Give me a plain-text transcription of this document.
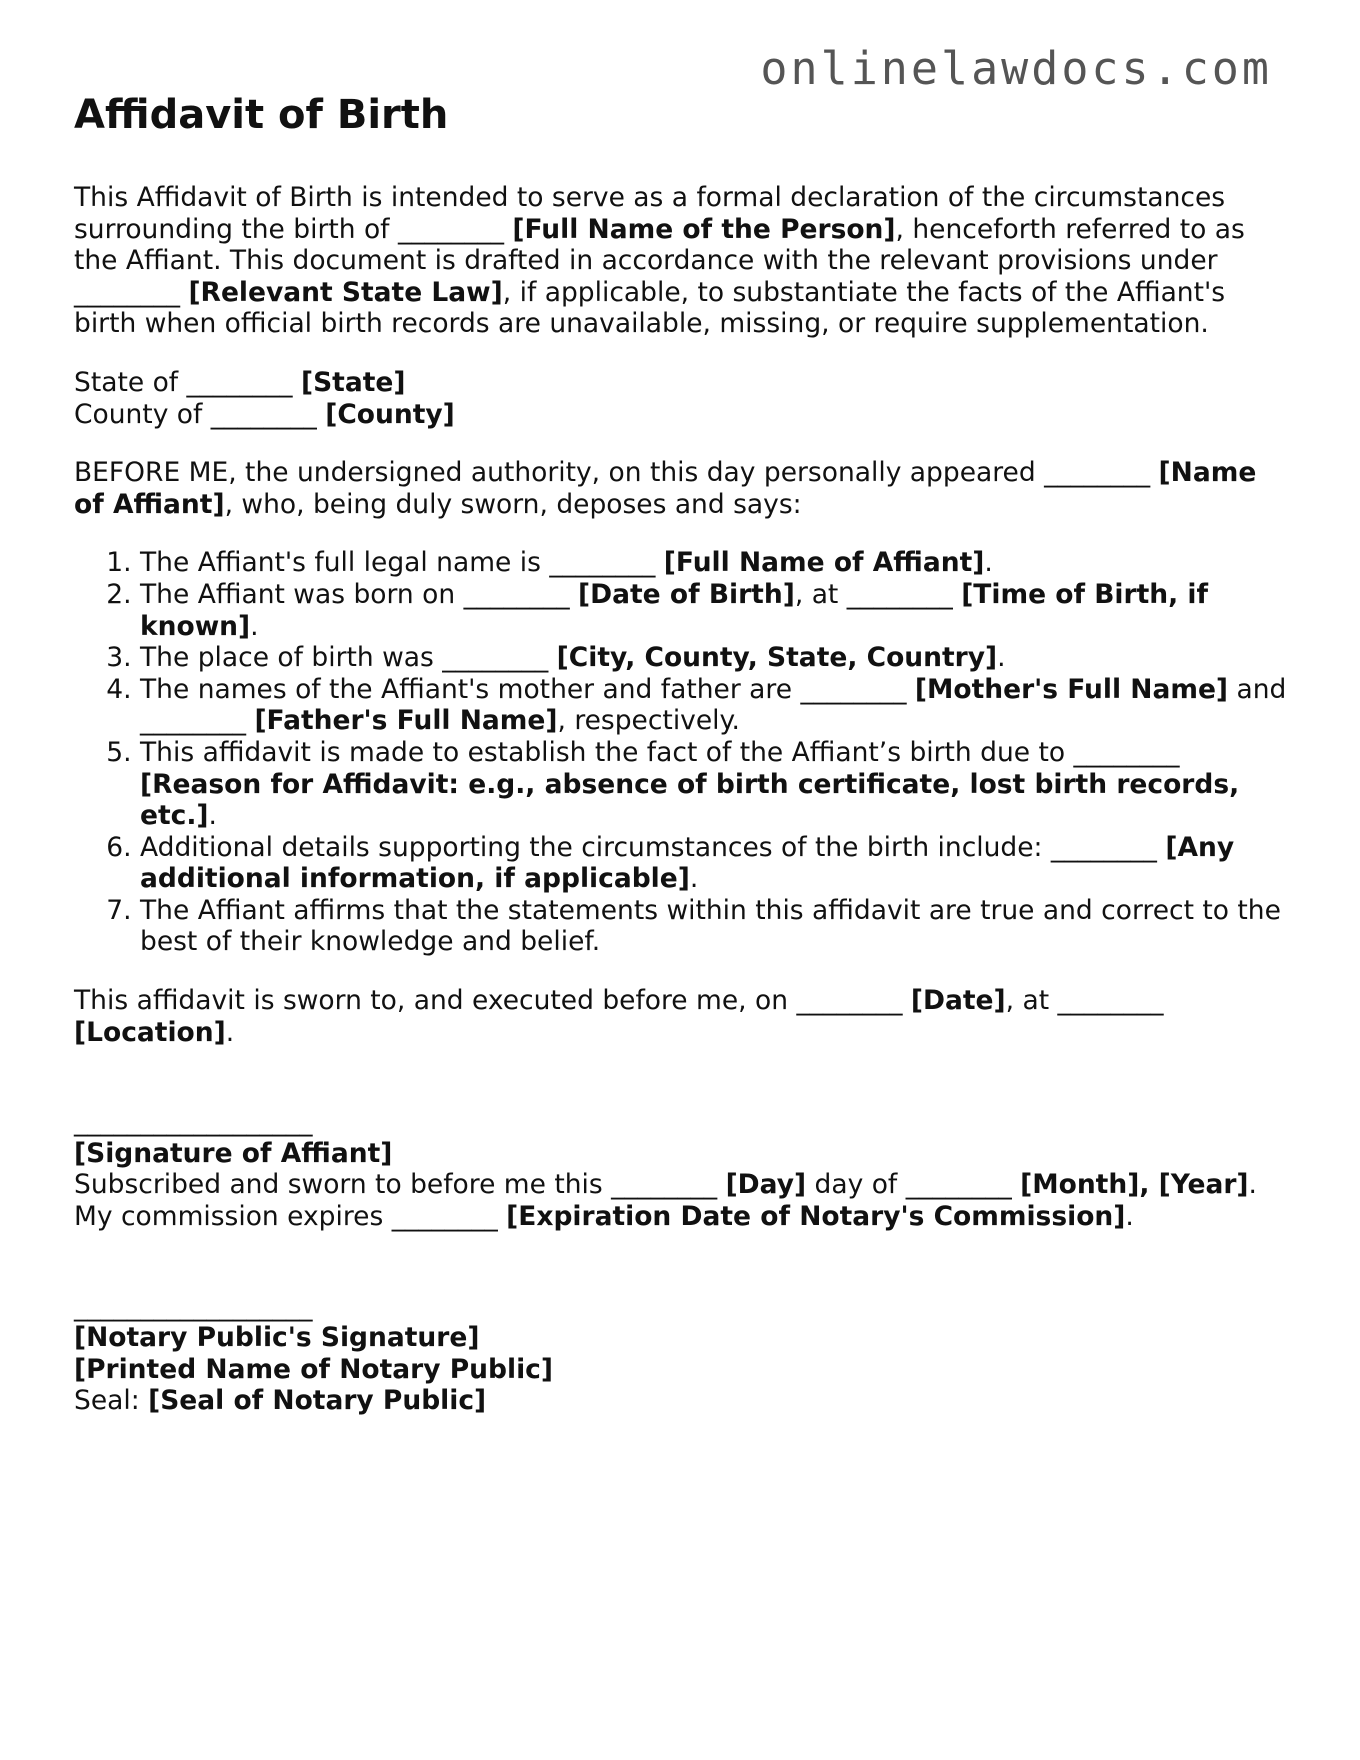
onlinelawdocs.com
Affidavit of Birth

This Affidavit of Birth is intended to serve as a formal declaration of the circumstances surrounding the birth of ________ [Full Name of the Person], henceforth referred to as the Affiant. This document is drafted in accordance with the relevant provisions under ________ [Relevant State Law], if applicable, to substantiate the facts of the Affiant's birth when official birth records are unavailable, missing, or require supplementation.

State of ________ [State]
County of ________ [County]

BEFORE ME, the undersigned authority, on this day personally appeared ________ [Name of Affiant], who, being duly sworn, deposes and says:

1. The Affiant's full legal name is ________ [Full Name of Affiant].
2. The Affiant was born on ________ [Date of Birth], at ________ [Time of Birth, if known].
3. The place of birth was ________ [City, County, State, Country].
4. The names of the Affiant's mother and father are ________ [Mother's Full Name] and ________ [Father's Full Name], respectively.
5. This affidavit is made to establish the fact of the Affiant’s birth due to ________ [Reason for Affidavit: e.g., absence of birth certificate, lost birth records, etc.].
6. Additional details supporting the circumstances of the birth include: ________ [Any additional information, if applicable].
7. The Affiant affirms that the statements within this affidavit are true and correct to the best of their knowledge and belief.

This affidavit is sworn to, and executed before me, on ________ [Date], at ________ [Location].

__________________
[Signature of Affiant]

Subscribed and sworn to before me this ________ [Day] day of ________ [Month], [Year]. My commission expires ________ [Expiration Date of Notary's Commission].

__________________
[Notary Public's Signature]
[Printed Name of Notary Public]
Seal: [Seal of Notary Public]
